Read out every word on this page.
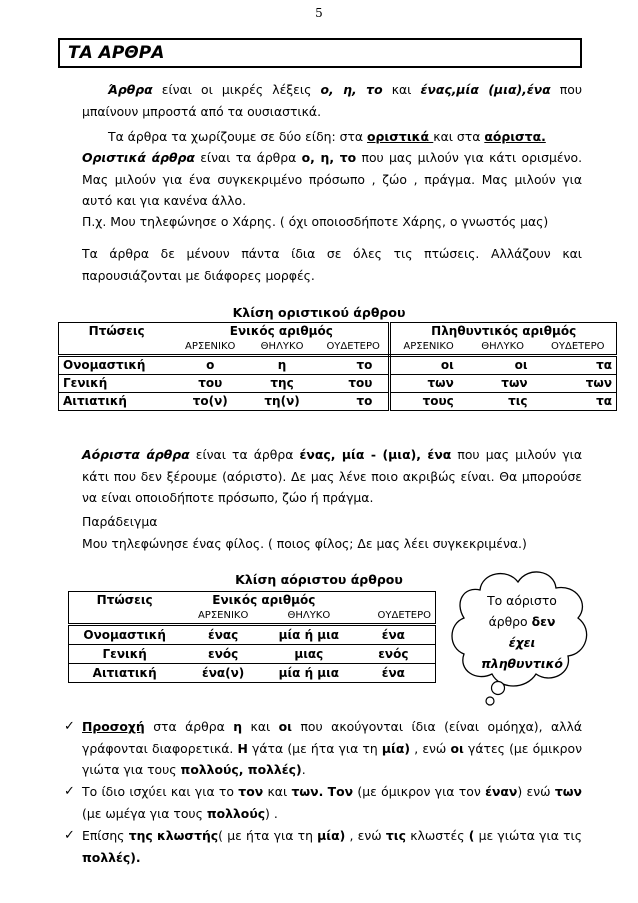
5
ΤΑ ΑΡΘΡΑ
Άρθρα είναι οι μικρές λέξεις ο, η, το και ένας,μία (μια),ένα που μπαίνουν μπροστά από τα ουσιαστικά.
Τα άρθρα τα χωρίζουμε σε δύο είδη: στα οριστικά και στα αόριστα.
Οριστικά άρθρα είναι τα άρθρα ο, η, το που μας μιλούν για κάτι ορισμένο. Μας μιλούν για ένα συγκεκριμένο πρόσωπο , ζώο , πράγμα. Μας μιλούν για αυτό και για κανένα άλλο.
Π.χ. Μου τηλεφώνησε ο Χάρης. ( όχι οποιοσδήποτε Χάρης, ο γνωστός μας)
Τα άρθρα δε μένουν πάντα ίδια σε όλες τις πτώσεις. Αλλάζουν και παρουσιάζονται με διάφορες μορφές.
Κλίση οριστικού άρθρου
Πτώσεις	Ενικός αριθμός			Πληθυντικός αριθμός		
	ΑΡΣΕΝΙΚΟ	ΘΗΛΥΚΟ	ΟΥΔΕΤΕΡΟ	ΑΡΣΕΝΙΚΟ	ΘΗΛΥΚΟ	ΟΥΔΕΤΕΡΟ
Ονομαστική	ο	η	το	οι	οι	τα
Γενική	του	της	του	των	των	των
Αιτιατική	το(ν)	τη(ν)	το	τους	τις	τα
Αόριστα άρθρα είναι τα άρθρα ένας, μία - (μια), ένα που μας μιλούν για κάτι που δεν ξέρουμε (αόριστο). Δε μας λένε ποιο ακριβώς είναι. Θα μπορούσε να είναι οποιοδήποτε πρόσωπο, ζώο ή πράγμα.
Παράδειγμα
Μου τηλεφώνησε ένας φίλος. ( ποιος φίλος; Δε μας λέει συγκεκριμένα.)
Κλίση αόριστου άρθρου
Πτώσεις	Ενικός αριθμός		
	ΑΡΣΕΝΙΚΟ	ΘΗΛΥΚΟ	ΟΥΔΕΤΕΡΟ
Ονομαστική	ένας	μία ή μια	ένα
Γενική	ενός	μιας	ενός
Αιτιατική	ένα(ν)	μία ή μια	ένα
Το αόριστο
άρθρο δεν
έχει
πληθυντικό
✓ Προσοχή στα άρθρα η και οι που ακούγονται ίδια (είναι ομόηχα), αλλά γράφονται διαφορετικά. Η γάτα (με ήτα για τη μία) , ενώ οι γάτες (με όμικρον γιώτα για τους πολλούς, πολλές).
✓ Το ίδιο ισχύει και για το τον και των. Τον (με όμικρον για τον έναν) ενώ των (με ωμέγα για τους πολλούς) .
✓ Επίσης της κλωστής( με ήτα για τη μία) , ενώ τις κλωστές ( με γιώτα για τις πολλές).
